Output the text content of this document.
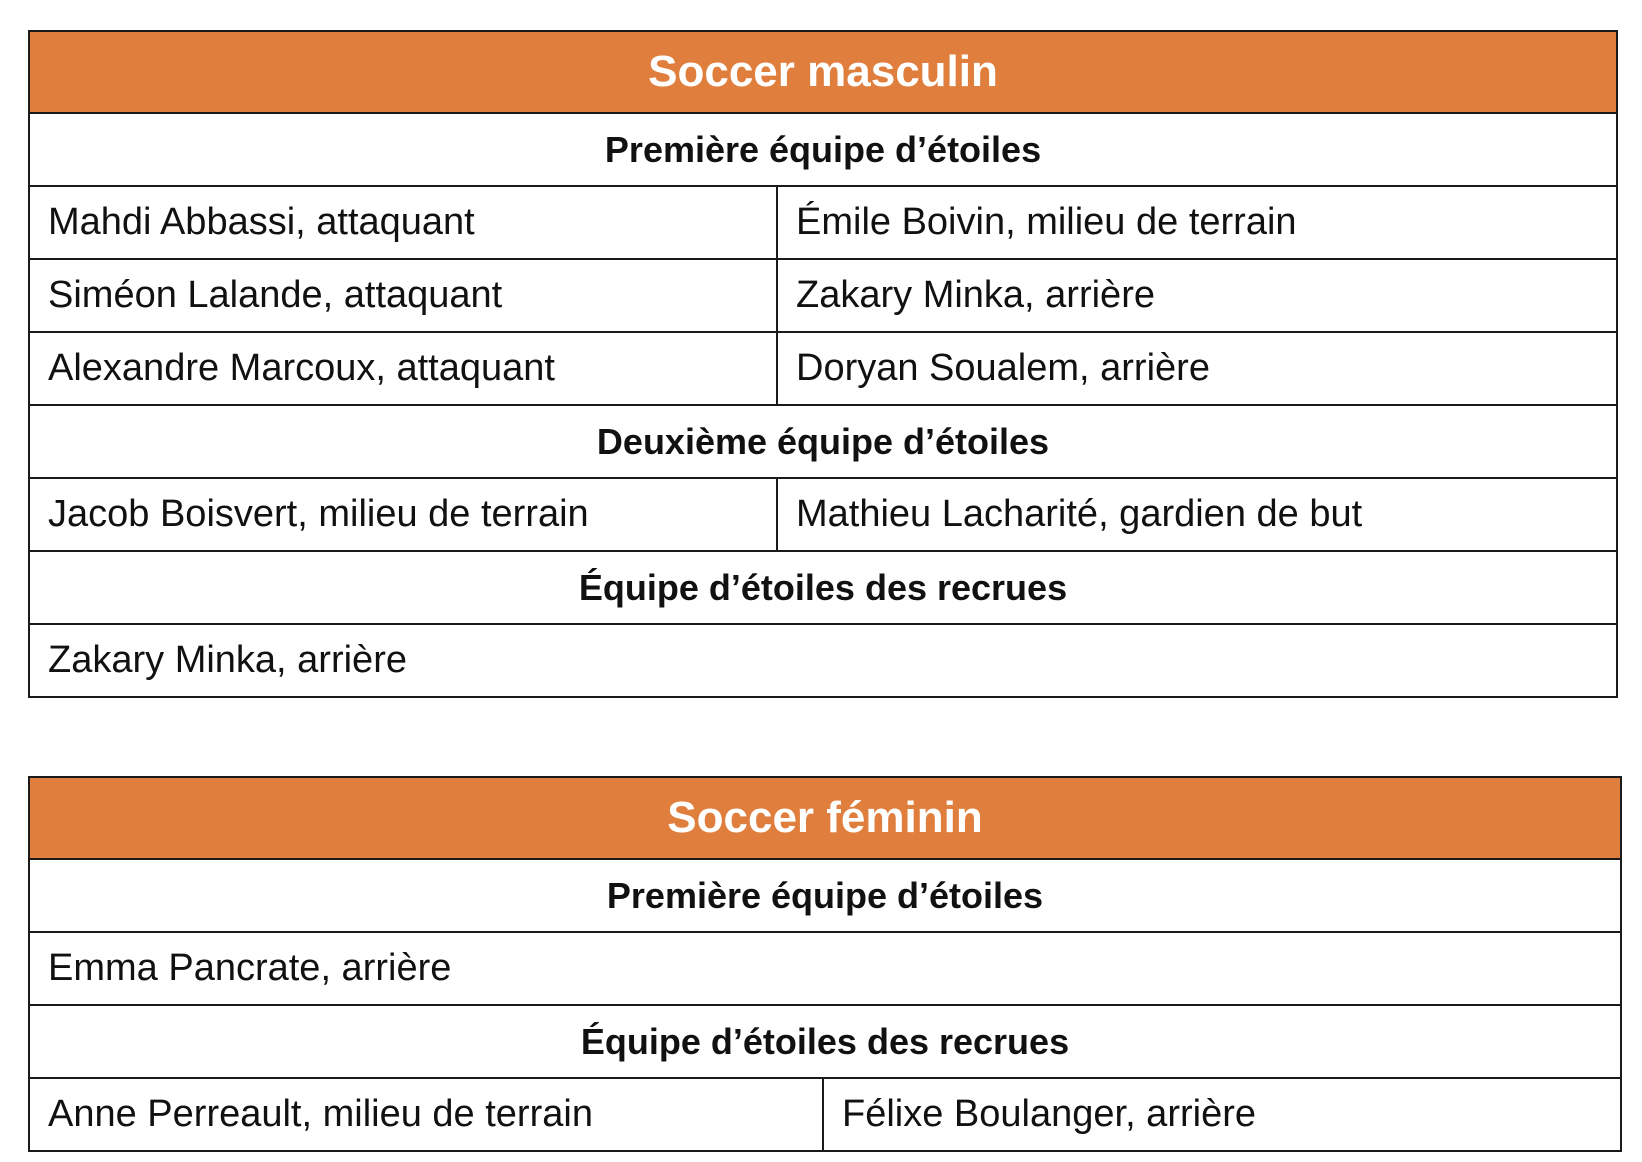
Soccer masculin	
Première équipe d’étoiles	
Mahdi Abbassi, attaquant	Émile Boivin, milieu de terrain
Siméon Lalande, attaquant	Zakary Minka, arrière
Alexandre Marcoux, attaquant	Doryan Soualem, arrière
Deuxième équipe d’étoiles	
Jacob Boisvert, milieu de terrain	Mathieu Lacharité, gardien de but
Équipe d’étoiles des recrues	
Zakary Minka, arrière	
Soccer féminin
Première équipe d’étoiles
Emma Pancrate, arrière
Équipe d’étoiles des recrues
Anne Perreault, milieu de terrain	Félixe Boulanger, arrière
